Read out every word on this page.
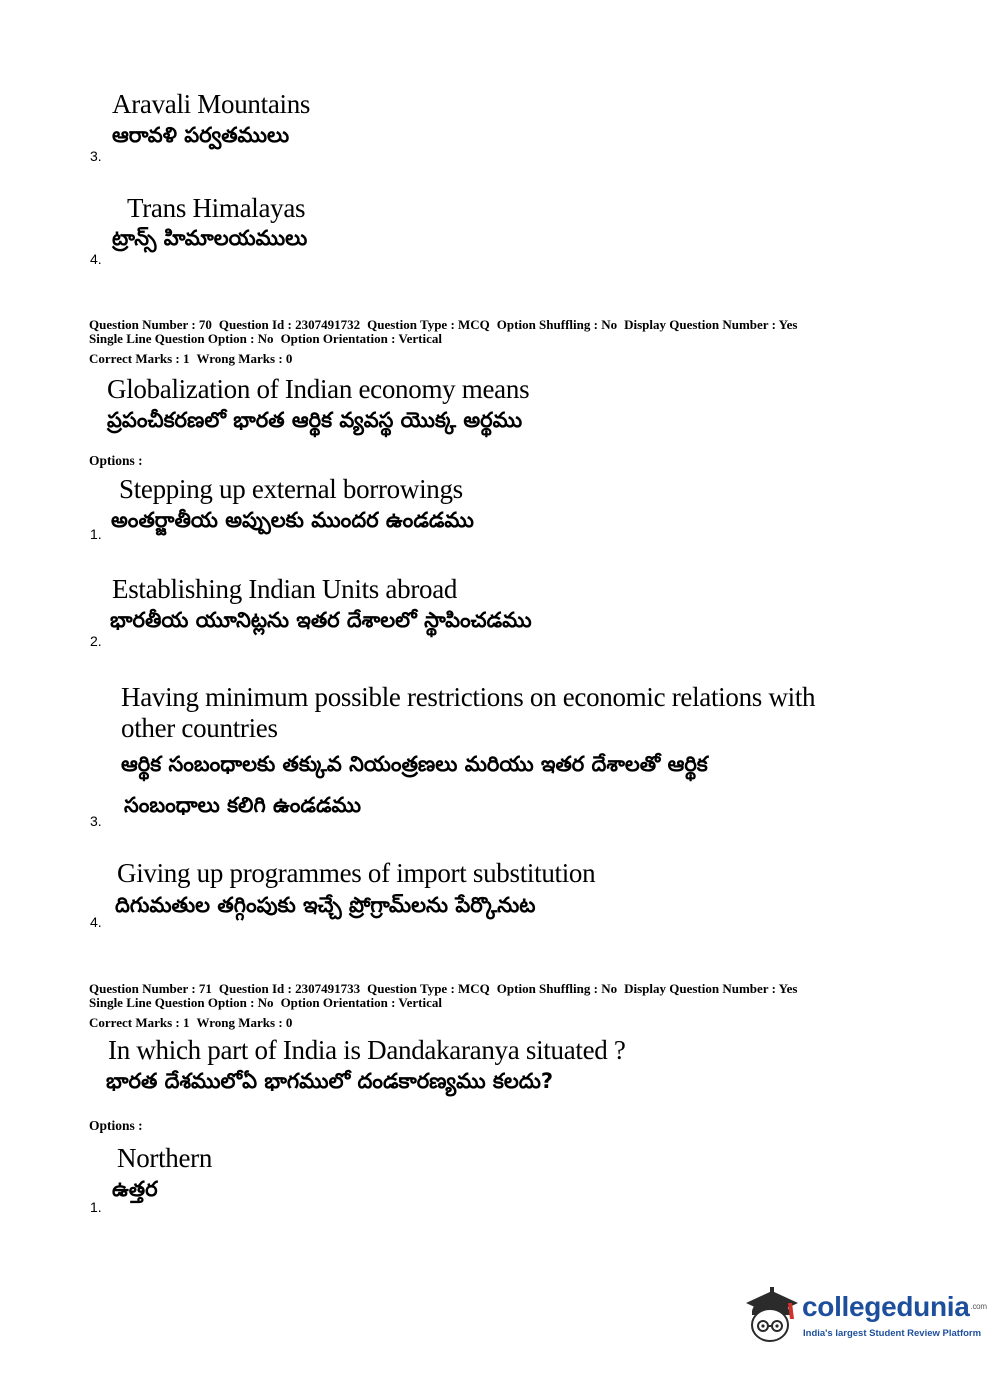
Aravali Mountains
ఆరావళి పర్వతములు
3.
Trans Himalayas
ట్రాన్స్ హిమాలయములు
4.
Question Number : 70 Question Id : 2307491732 Question Type : MCQ Option Shuffling : No Display Question Number : Yes
Single Line Question Option : No Option Orientation : Vertical
Correct Marks : 1 Wrong Marks : 0
Globalization of Indian economy means
ప్రపంచీకరణలో భారత ఆర్థిక వ్యవస్థ యొక్క అర్థము
Options :
Stepping up external borrowings
అంతర్జాతీయ అప్పులకు ముందర ఉండడము
1.
Establishing Indian Units abroad
భారతీయ యూనిట్లను ఇతర దేశాలలో స్థాపించడము
2.
Having minimum possible restrictions on economic relations with
other countries
ఆర్థిక సంబంధాలకు తక్కువ నియంత్రణలు మరియు ఇతర దేశాలతో ఆర్థిక
సంబంధాలు కలిగి ఉండడము
3.
Giving up programmes of import substitution
దిగుమతుల తగ్గింపుకు ఇచ్చే ప్రోగ్రామ్‌లను పేర్కొనుట
4.
Question Number : 71 Question Id : 2307491733 Question Type : MCQ Option Shuffling : No Display Question Number : Yes
Single Line Question Option : No Option Orientation : Vertical
Correct Marks : 1 Wrong Marks : 0
In which part of India is Dandakaranya situated ?
భారత దేశములోఏ భాగములో దండకారణ్యము కలదు?
Options :
Northern
ఉత్తర
1.
collegedunia$^{.com}$
India's largest Student Review Platform
